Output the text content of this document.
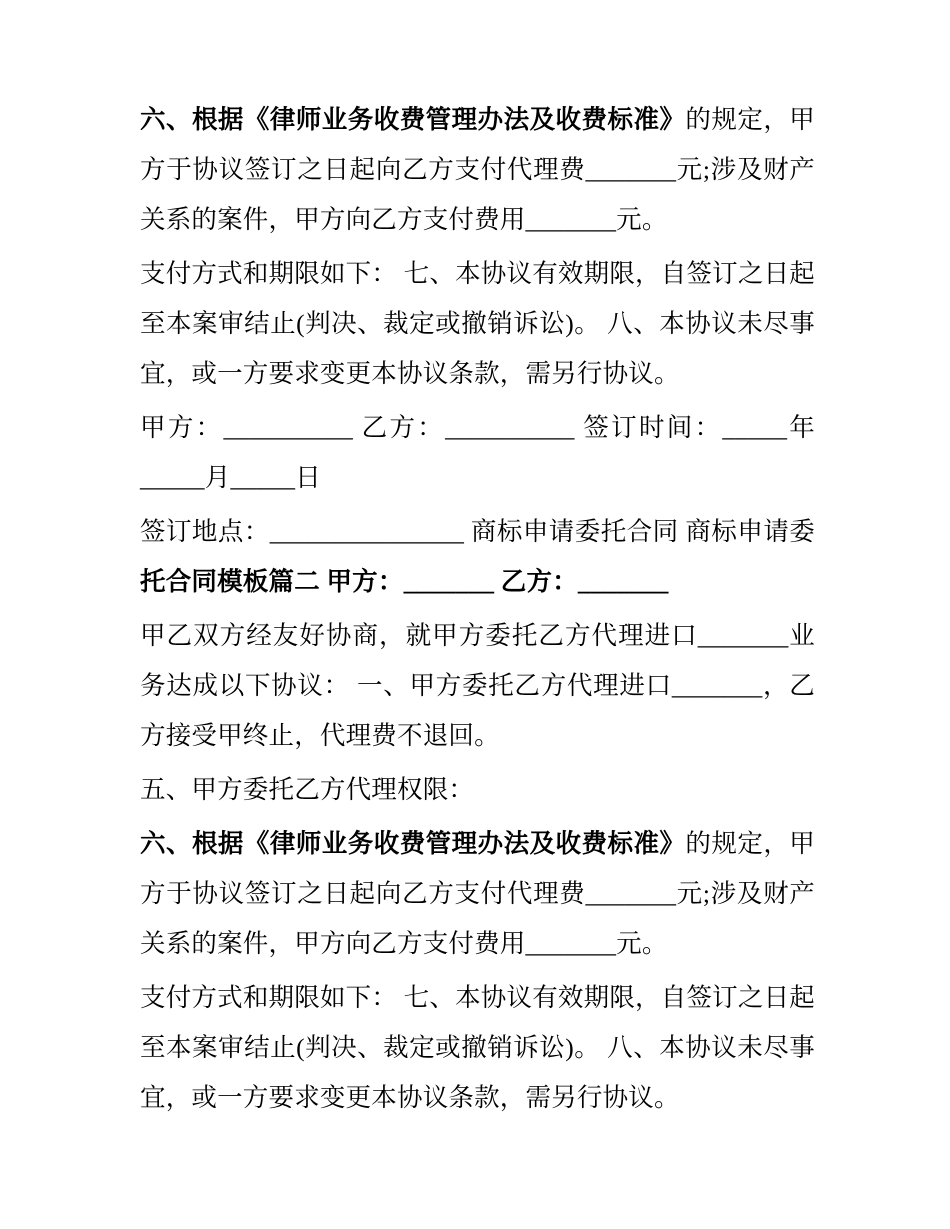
六、根据《律师业务收费管理办法及收费标准》的规定，甲方于协议签订之日起向乙方支付代理费_______元;涉及财产关系的案件，甲方向乙方支付费用_______元。

支付方式和期限如下： 七、本协议有效期限，自签订之日起至本案审结止(判决、裁定或撤销诉讼)。 八、本协议未尽事宜，或一方要求变更本协议条款，需另行协议。

甲方：__________ 乙方：__________ 签订时间：_____年_____月_____日

签订地点：_______________ 商标申请委托合同 商标申请委托合同模板篇二 甲方：_______ 乙方：_______

甲乙双方经友好协商，就甲方委托乙方代理进口_______业务达成以下协议： 一、甲方委托乙方代理进口_______，乙方接受甲终止，代理费不退回。

五、甲方委托乙方代理权限：

六、根据《律师业务收费管理办法及收费标准》的规定，甲方于协议签订之日起向乙方支付代理费_______元;涉及财产关系的案件，甲方向乙方支付费用_______元。

支付方式和期限如下： 七、本协议有效期限，自签订之日起至本案审结止(判决、裁定或撤销诉讼)。 八、本协议未尽事宜，或一方要求变更本协议条款，需另行协议。
